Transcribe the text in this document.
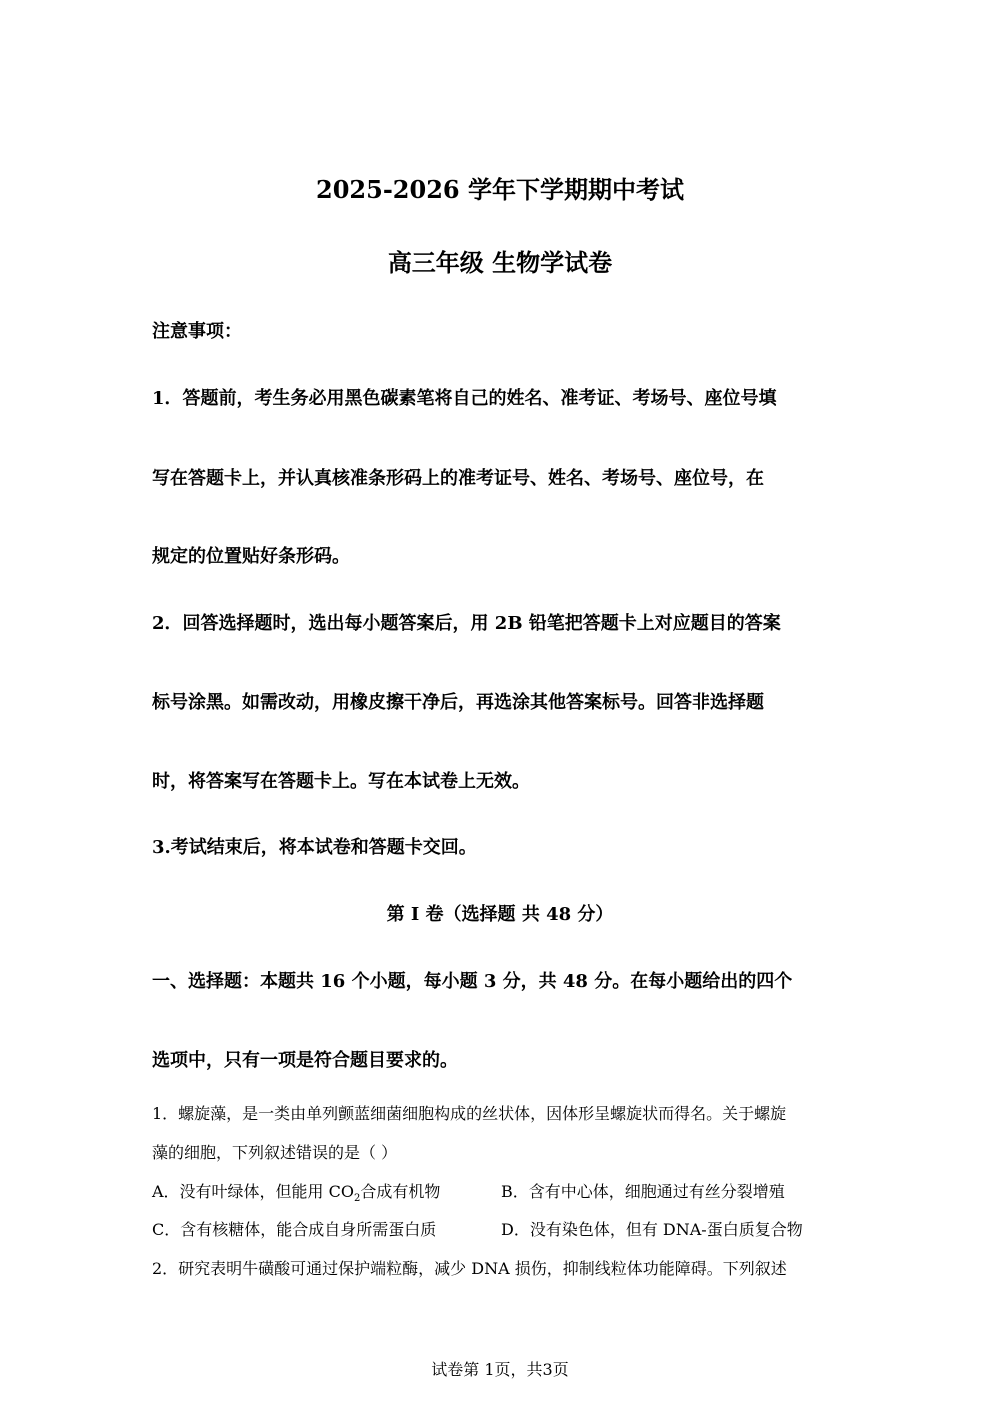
2025-2026 学年下学期期中考试
高三年级 生物学试卷
注意事项：
1．答题前，考生务必用黑色碳素笔将自己的姓名、准考证、考场号、座位号填
写在答题卡上，并认真核准条形码上的准考证号、姓名、考场号、座位号，在
规定的位置贴好条形码。
2．回答选择题时，选出每小题答案后，用 2B 铅笔把答题卡上对应题目的答案
标号涂黑。如需改动，用橡皮擦干净后，再选涂其他答案标号。回答非选择题
时，将答案写在答题卡上。写在本试卷上无效。
3.考试结束后，将本试卷和答题卡交回。
第 I 卷（选择题 共 48 分）
一、选择题：本题共 16 个小题，每小题 3 分，共 48 分。在每小题给出的四个
选项中，只有一项是符合题目要求的。
1．螺旋藻，是一类由单列颤蓝细菌细胞构成的丝状体，因体形呈螺旋状而得名。关于螺旋
藻的细胞，下列叙述错误的是（ ）
A．没有叶绿体，但能用 $CO_2$合成有机物	B．含有中心体，细胞通过有丝分裂增殖
C．含有核糖体，能合成自身所需蛋白质	D．没有染色体，但有 DNA-蛋白质复合物
2．研究表明牛磺酸可通过保护端粒酶，减少 DNA 损伤，抑制线粒体功能障碍。下列叙述
试卷第 1页，共3页
